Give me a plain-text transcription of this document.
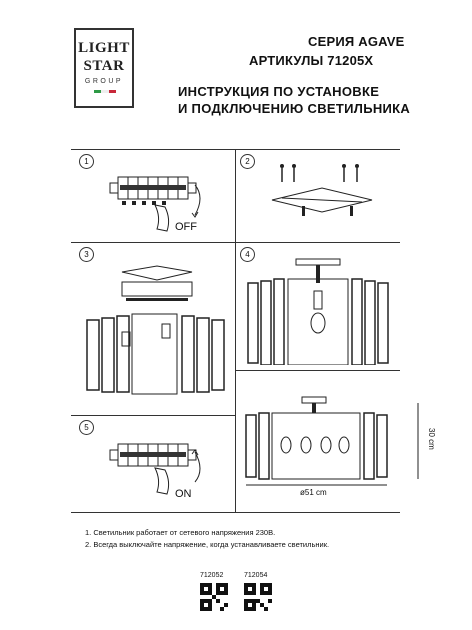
LIGHT
STAR
GROUP
СЕРИЯ AGAVE
АРТИКУЛЫ 71205X
ИНСТРУКЦИЯ ПО УСТАНОВКЕ
И ПОДКЛЮЧЕНИЮ СВЕТИЛЬНИКА
1	2
3	4
5
OFF
ø51 cm
30 cm
ON
1. Светильник работает от сетевого напряжения 230В.
2. Всегда выключайте напряжение, когда устанавливаете светильник.
712052	712054
